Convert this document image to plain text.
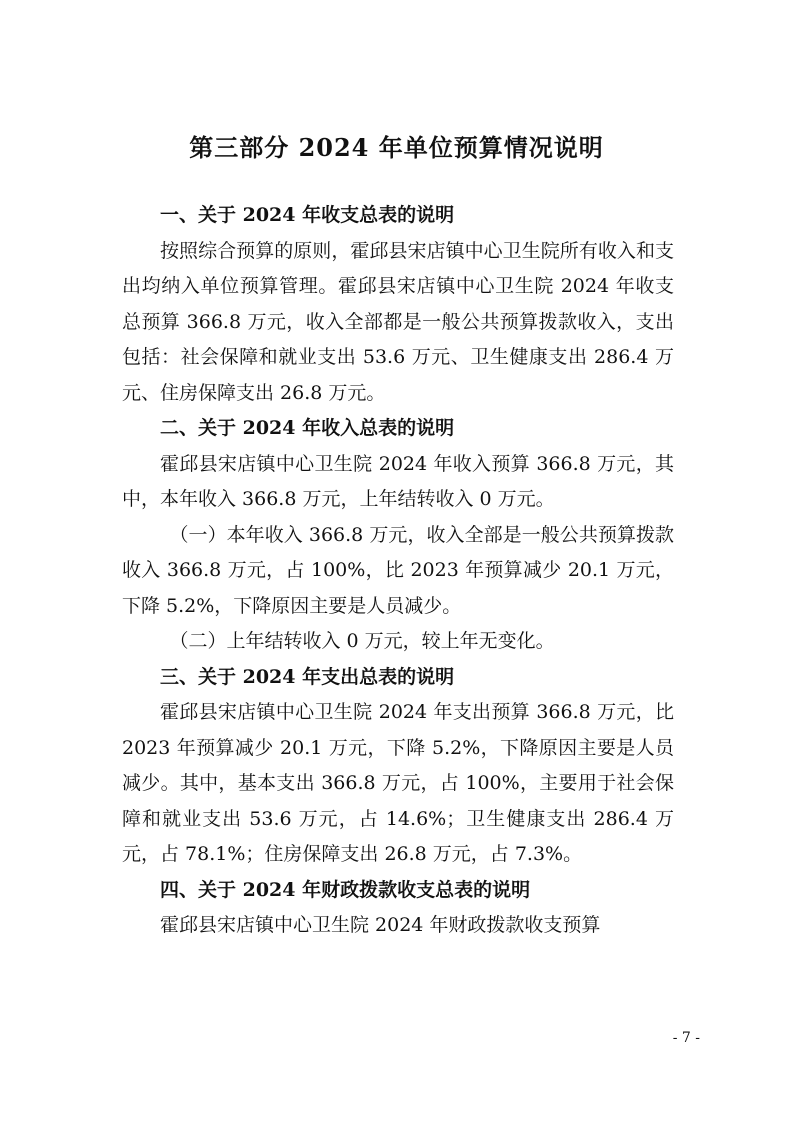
第三部分 2024 年单位预算情况说明

一、关于 2024 年收支总表的说明

按照综合预算的原则，霍邱县宋店镇中心卫生院所有收入和支出均纳入单位预算管理。霍邱县宋店镇中心卫生院 2024 年收支总预算 366.8 万元，收入全部都是一般公共预算拨款收入，支出包括：社会保障和就业支出 53.6 万元、卫生健康支出 286.4 万元、住房保障支出 26.8 万元。

二、关于 2024 年收入总表的说明

霍邱县宋店镇中心卫生院 2024 年收入预算 366.8 万元，其中，本年收入 366.8 万元，上年结转收入 0 万元。

（一）本年收入 366.8 万元，收入全部是一般公共预算拨款收入 366.8 万元，占 100%，比 2023 年预算减少 20.1 万元，下降 5.2%，下降原因主要是人员减少。

（二）上年结转收入 0 万元，较上年无变化。

三、关于 2024 年支出总表的说明

霍邱县宋店镇中心卫生院 2024 年支出预算 366.8 万元，比 2023 年预算减少 20.1 万元，下降 5.2%，下降原因主要是人员减少。其中，基本支出 366.8 万元，占 100%，主要用于社会保障和就业支出 53.6 万元，占 14.6%；卫生健康支出 286.4 万元，占 78.1%；住房保障支出 26.8 万元，占 7.3%。

四、关于 2024 年财政拨款收支总表的说明

霍邱县宋店镇中心卫生院 2024 年财政拨款收支预算

- 7 -
